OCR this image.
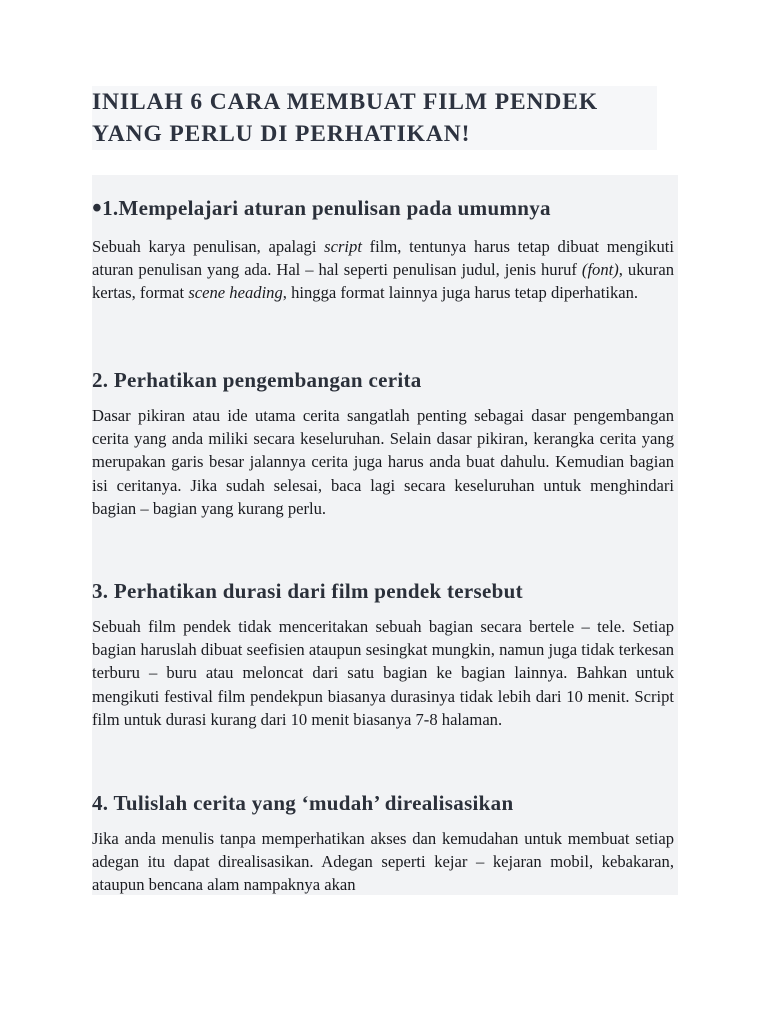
INILAH 6 CARA MEMBUAT FILM PENDEK
YANG PERLU DI PERHATIKAN!
•1.Mempelajari aturan penulisan pada umumnya

Sebuah karya penulisan, apalagi script film, tentunya harus tetap dibuat mengikuti aturan penulisan yang ada. Hal – hal seperti penulisan judul, jenis huruf (font), ukuran kertas, format scene heading, hingga format lainnya juga harus tetap diperhatikan.

2. Perhatikan pengembangan cerita

Dasar pikiran atau ide utama cerita sangatlah penting sebagai dasar pengembangan cerita yang anda miliki secara keseluruhan. Selain dasar pikiran, kerangka cerita yang merupakan garis besar jalannya cerita juga harus anda buat dahulu. Kemudian bagian isi ceritanya. Jika sudah selesai, baca lagi secara keseluruhan untuk menghindari bagian – bagian yang kurang perlu.

3. Perhatikan durasi dari film pendek tersebut

Sebuah film pendek tidak menceritakan sebuah bagian secara bertele – tele. Setiap bagian haruslah dibuat seefisien ataupun sesingkat mungkin, namun juga tidak terkesan terburu – buru atau meloncat dari satu bagian ke bagian lainnya. Bahkan untuk mengikuti festival film pendekpun biasanya durasinya tidak lebih dari 10 menit. Script film untuk durasi kurang dari 10 menit biasanya 7-8 halaman.

4. Tulislah cerita yang ‘mudah’ direalisasikan

Jika anda menulis tanpa memperhatikan akses dan kemudahan untuk membuat setiap adegan itu dapat direalisasikan. Adegan seperti kejar – kejaran mobil, kebakaran, ataupun bencana alam nampaknya akan
